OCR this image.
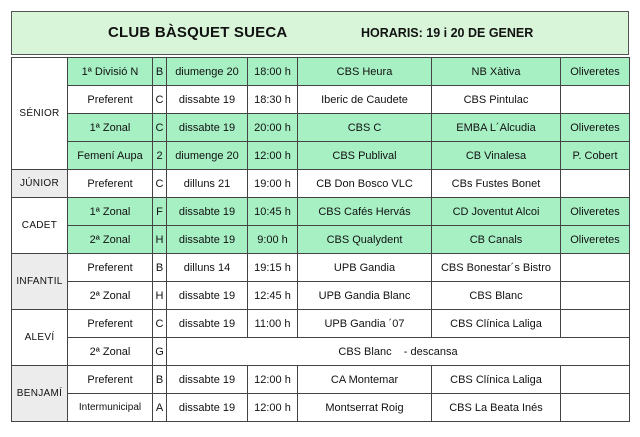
CLUB BÀSQUET SUECA	HORARIS: 19 i 20 DE GENER
SÉNIOR	1ª Divisió N	B	diumenge 20	18:00 h	CBS Heura	NB Xàtiva	Oliveretes
	Preferent	C	dissabte 19	18:30 h	Iberic de Caudete	CBS Pintulac	
	1ª Zonal	C	dissabte 19	20:00 h	CBS C	EMBA L´Alcudia	Oliveretes
	Femení Aupa	2	diumenge 20	12:00 h	CBS Publival	CB Vinalesa	P. Cobert
JÚNIOR	Preferent	C	dilluns 21	19:00 h	CB Don Bosco VLC	CBs Fustes Bonet	
CADET	1ª Zonal	F	dissabte 19	10:45 h	CBS Cafés Hervás	CD Joventut Alcoi	Oliveretes
	2ª Zonal	H	dissabte 19	9:00 h	CBS Qualydent	CB Canals	Oliveretes
INFANTIL	Preferent	B	dilluns 14	19:15 h	UPB Gandia	CBS Bonestar´s Bistro	
	2ª Zonal	H	dissabte 19	12:45 h	UPB Gandia Blanc	CBS Blanc	
ALEVÍ	Preferent	C	dissabte 19	11:00 h	UPB Gandia ´07	CBS Clínica Laliga	
	2ª Zonal	G	CBS Blanc    - descansa				
BENJAMÍ	Preferent	B	dissabte 19	12:00 h	CA Montemar	CBS Clínica Laliga	
	Intermunicipal	A	dissabte 19	12:00 h	Montserrat Roig	CBS La Beata Inés	
